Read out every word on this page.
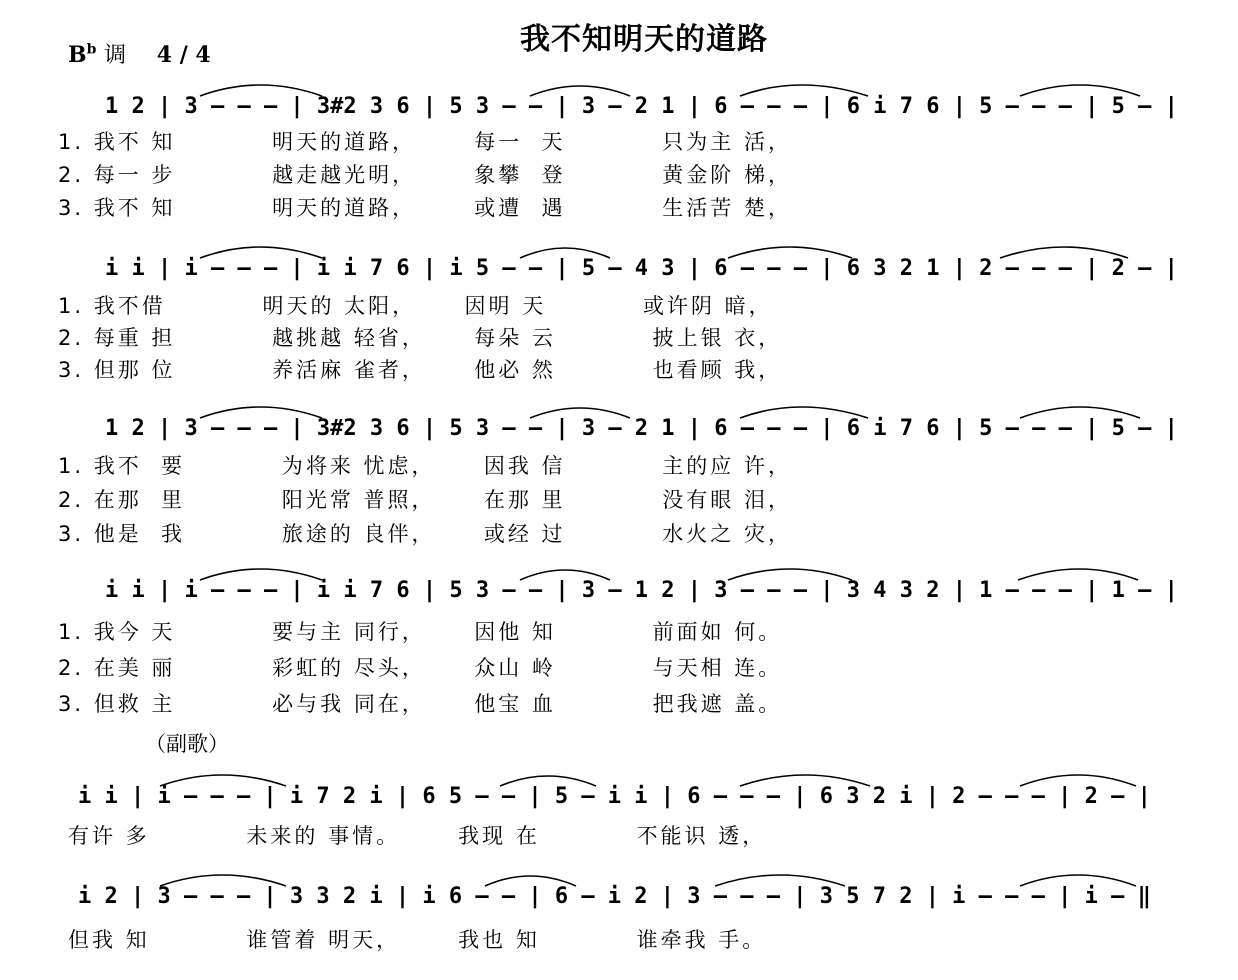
我不知明天的道路
$B^b$ 调 4 / 4
1 2 | 3 — — — | 3#2 3 6 | 5 3 — — | 3 — 2 1 | 6 — — — | 6 i 7 6 | 5 — — — | 5 — |
1. 我不 知          明天的道路，      每一  天          只为主 活，
2. 每一 步          越走越光明，      象攀  登          黄金阶 梯，
3. 我不 知          明天的道路，      或遭  遇          生活苦 楚，
i i | i — — — | i i 7 6 | i 5 — — | 5 — 4 3 | 6 — — — | 6 3 2 1 | 2 — — — | 2 — |
1. 我不借          明天的 太阳，     因明 天          或许阴 暗，
2. 每重 担          越挑越 轻省，     每朵 云          披上银 衣，
3. 但那 位          养活麻 雀者，     他必 然          也看顾 我，
1 2 | 3 — — — | 3#2 3 6 | 5 3 — — | 3 — 2 1 | 6 — — — | 6 i 7 6 | 5 — — — | 5 — |
1. 我不  要          为将来 忧虑，     因我 信          主的应 许，
2. 在那  里          阳光常 普照，     在那 里          没有眼 泪，
3. 他是  我          旅途的 良伴，     或经 过          水火之 灾，
i i | i — — — | i i 7 6 | 5 3 — — | 3 — 1 2 | 3 — — — | 3 4 3 2 | 1 — — — | 1 — |
1. 我今 天          要与主 同行，     因他 知          前面如 何。
2. 在美 丽          彩虹的 尽头，     众山 岭          与天相 连。
3. 但救 主          必与我 同在，     他宝 血          把我遮 盖。
（副歌）
i i | i — — — | i 7 2 i | 6 5 — — | 5 — i i | 6 — — — | 6 3 2 i | 2 — — — | 2 — |
有许 多          未来的 事情。      我现 在          不能识 透，
i 2 | 3 — — — | 3 3 2 i | i 6 — — | 6 — i 2 | 3 — — — | 3 5 7 2 | i — — — | i — ‖
但我 知          谁管着 明天，      我也 知          谁牵我 手。
